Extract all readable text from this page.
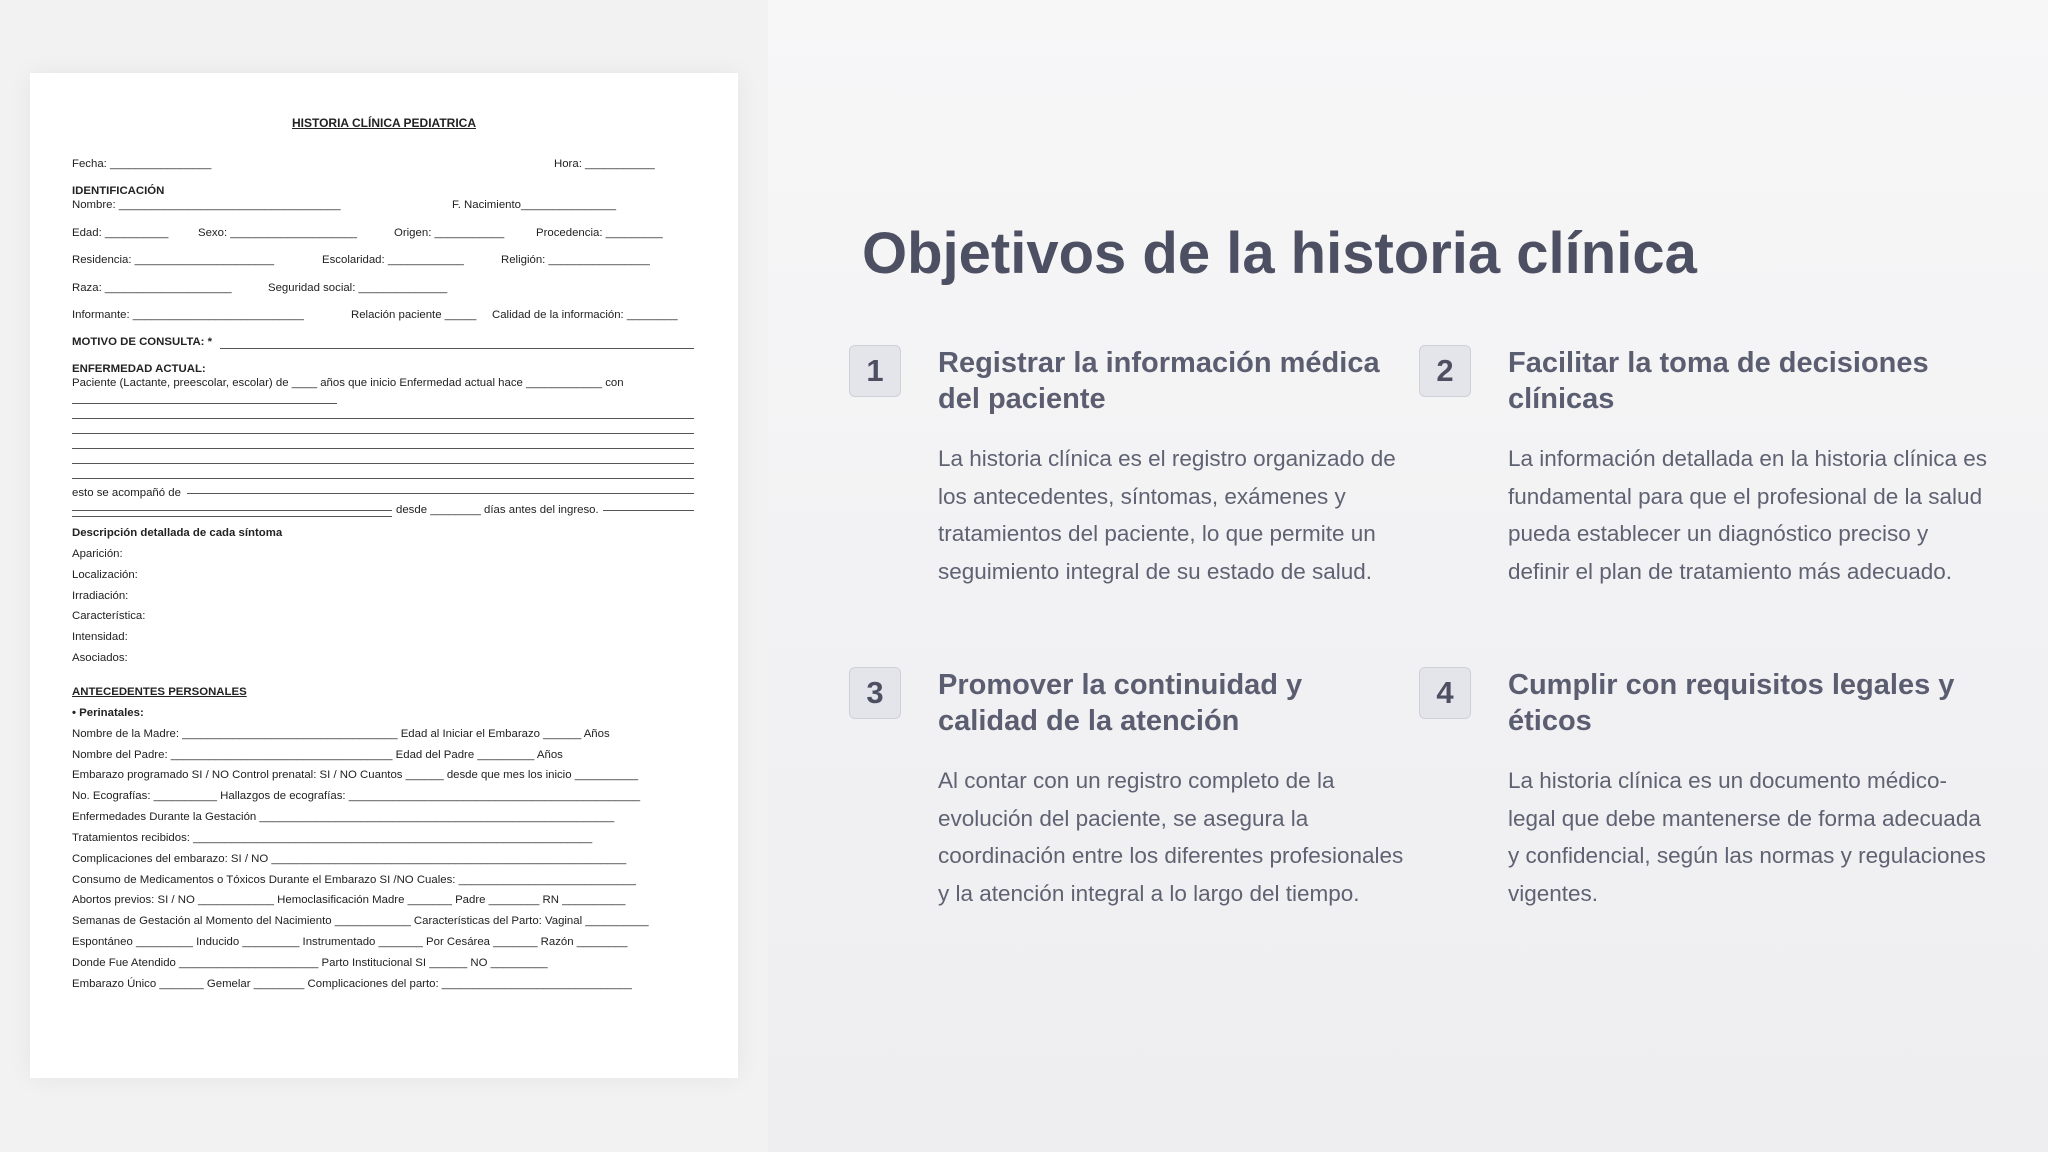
HISTORIA CLÍNICA PEDIATRICA
Fecha: ________________	Hora: ___________
IDENTIFICACIÓN
Nombre: ___________________________________	F. Nacimiento_______________
Edad: __________	Sexo: ____________________	Origen: ___________	Procedencia: _________
Residencia: ______________________	Escolaridad: ____________	Religión: ________________
Raza: ____________________	Seguridad social: ______________
Informante: ___________________________	Relación paciente _____ Calidad de la información: ________
MOTIVO DE CONSULTA: *
ENFERMEDAD ACTUAL:
Paciente (Lactante, preescolar, escolar) de ____ años que inicio Enfermedad actual hace ____________ con
esto se acompañó de
desde ________ días antes del ingreso.
Descripción detallada de cada síntoma
Aparición:
Localización:
Irradiación:
Característica:
Intensidad:
Asociados:
ANTECEDENTES PERSONALES
• Perinatales:
Nombre de la Madre: __________________________________ Edad al Iniciar el Embarazo ______ Años
Nombre del Padre: ___________________________________ Edad del Padre _________ Años
Embarazo programado SI / NO Control prenatal: SI / NO Cuantos ______ desde que mes los inicio __________
No. Ecografías: __________ Hallazgos de ecografías: ______________________________________________
Enfermedades Durante la Gestación ________________________________________________________
Tratamientos recibidos: _______________________________________________________________
Complicaciones del embarazo: SI / NO ________________________________________________________
Consumo de Medicamentos o Tóxicos Durante el Embarazo SI /NO Cuales: ____________________________
Abortos previos: SI / NO ____________ Hemoclasificación Madre _______ Padre ________ RN __________
Semanas de Gestación al Momento del Nacimiento ____________ Características del Parto: Vaginal __________
Espontáneo _________ Inducido _________ Instrumentado _______ Por Cesárea _______ Razón ________
Donde Fue Atendido ______________________ Parto Institucional SI ______ NO _________
Embarazo Único _______ Gemelar ________ Complicaciones del parto: ______________________________
Objetivos de la historia clínica
1	Registrar la información médica del paciente

La historia clínica es el registro organizado de los antecedentes, síntomas, exámenes y tratamientos del paciente, lo que permite un seguimiento integral de su estado de salud.

2	Facilitar la toma de decisiones clínicas

La información detallada en la historia clínica es fundamental para que el profesional de la salud pueda establecer un diagnóstico preciso y definir el plan de tratamiento más adecuado.

3	Promover la continuidad y calidad de la atención

Al contar con un registro completo de la evolución del paciente, se asegura la coordinación entre los diferentes profesionales y la atención integral a lo largo del tiempo.

4	Cumplir con requisitos legales y éticos

La historia clínica es un documento médico-legal que debe mantenerse de forma adecuada y confidencial, según las normas y regulaciones vigentes.
